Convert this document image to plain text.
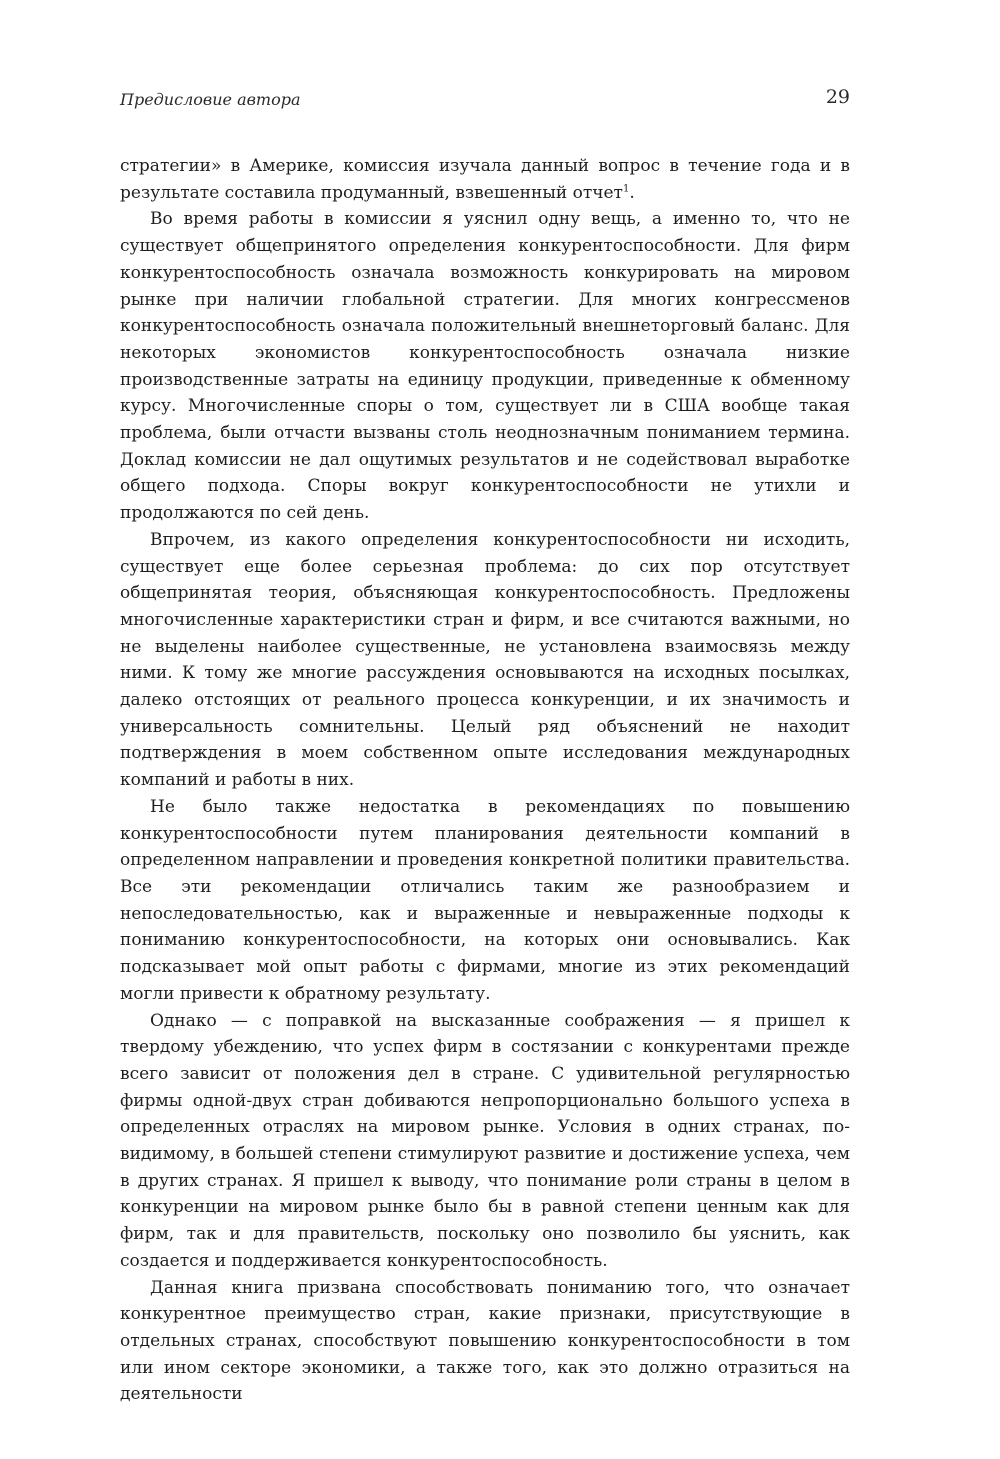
Предисловие автора	29

стратегии» в Америке, комиссия изучала данный вопрос в течение года и в результате составила продуманный, взвешенный отчет$^1$.

Во время работы в комиссии я уяснил одну вещь, а именно то, что не существует общепринятого определения конкурентоспособности. Для фирм конкурентоспособность означала возможность конкурировать на мировом рынке при наличии глобальной стратегии. Для многих конгрессменов конкурентоспособность означала положительный внешнеторговый баланс. Для некоторых экономистов конкурентоспособность означала низкие производственные затраты на единицу продукции, приведенные к обменному курсу. Многочисленные споры о том, существует ли в США вообще такая проблема, были отчасти вызваны столь неоднозначным пониманием термина. Доклад комиссии не дал ощутимых результатов и не содействовал выработке общего подхода. Споры вокруг конкурентоспособности не утихли и продолжаются по сей день.

Впрочем, из какого определения конкурентоспособности ни исходить, существует еще более серьезная проблема: до сих пор отсутствует общепринятая теория, объясняющая конкурентоспособность. Предложены многочисленные характеристики стран и фирм, и все считаются важными, но не выделены наиболее существенные, не установлена взаимосвязь между ними. К тому же многие рассуждения основываются на исходных посылках, далеко отстоящих от реального процесса конкуренции, и их значимость и универсальность сомнительны. Целый ряд объяснений не находит подтверждения в моем собственном опыте исследования международных компаний и работы в них.

Не было также недостатка в рекомендациях по повышению конкурентоспособности путем планирования деятельности компаний в определенном направлении и проведения конкретной политики правительства. Все эти рекомендации отличались таким же разнообразием и непоследовательностью, как и выраженные и невыраженные подходы к пониманию конкурентоспособности, на которых они основывались. Как подсказывает мой опыт работы с фирмами, многие из этих рекомендаций могли привести к обратному результату.

Однако — с поправкой на высказанные соображения — я пришел к твердому убеждению, что успех фирм в состязании с конкурентами прежде всего зависит от положения дел в стране. С удивительной регулярностью фирмы одной-двух стран добиваются непропорционально большого успеха в определенных отраслях на мировом рынке. Условия в одних странах, по-видимому, в большей степени стимулируют развитие и достижение успеха, чем в других странах. Я пришел к выводу, что понимание роли страны в целом в конкуренции на мировом рынке было бы в равной степени ценным как для фирм, так и для правительств, поскольку оно позволило бы уяснить, как создается и поддерживается конкурентоспособность.

Данная книга призвана способствовать пониманию того, что означает конкурентное преимущество стран, какие признаки, присутствующие в отдельных странах, способствуют повышению конкурентоспособности в том или ином секторе экономики, а также того, как это должно отразиться на деятельности
